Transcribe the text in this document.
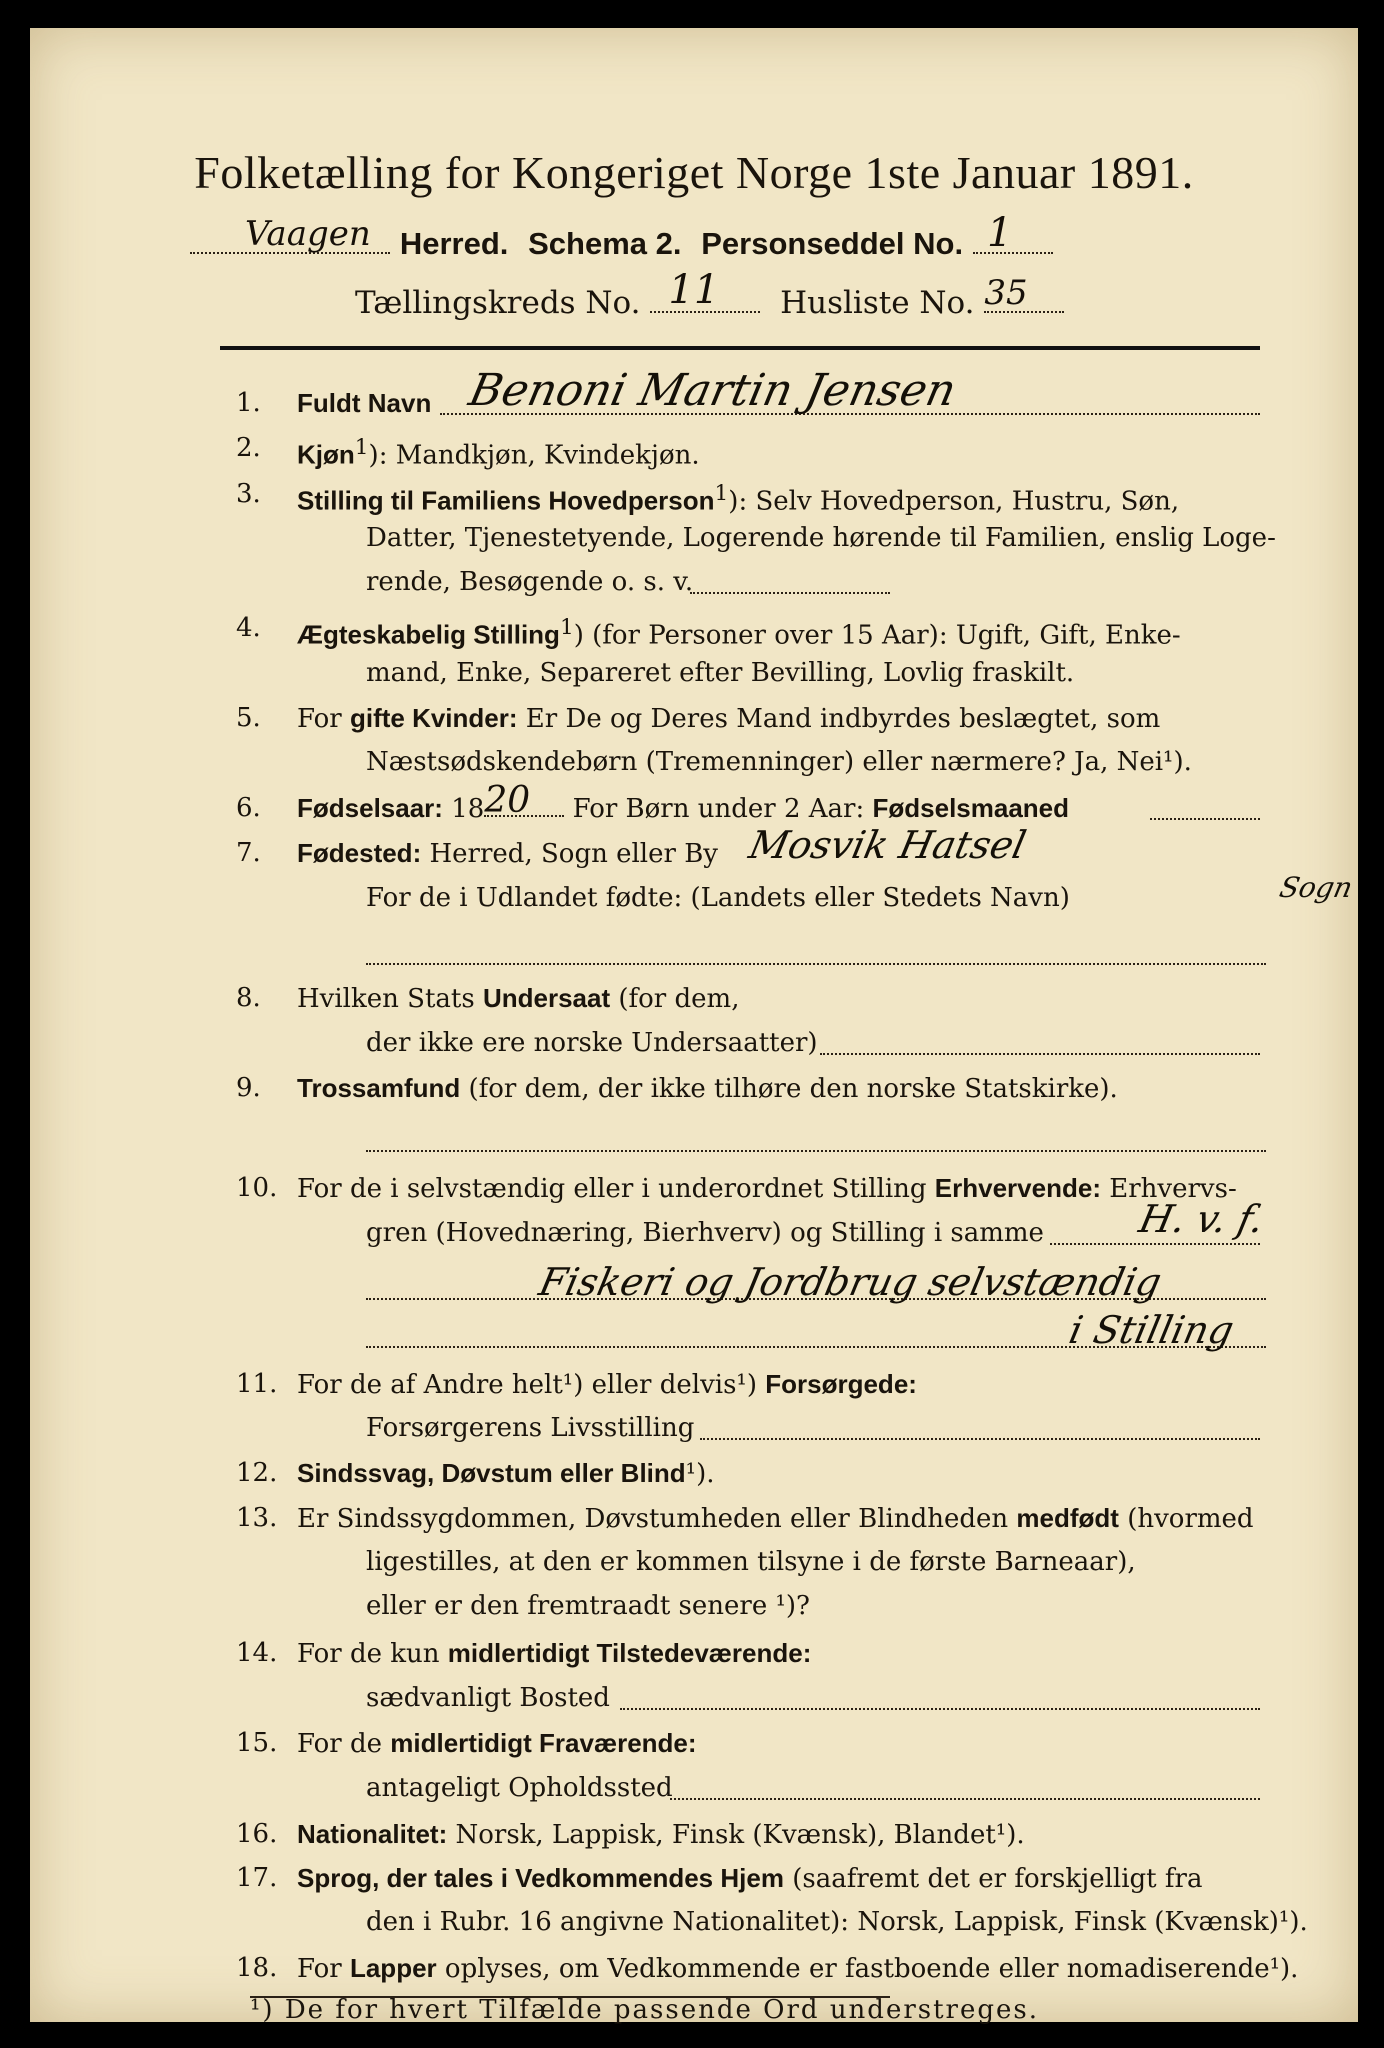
Folketælling for Kongeriget Norge 1ste Januar 1891.
Vaagen Herred. Schema 2. Personseddel No. 1
Tællingskreds No. 11 Husliste No. 35
1.	Fuldt Navn Benoni Martin Jensen
2.	Kjøn$^1$): Mandkjøn, Kvindekjøn.
3.	Stilling til Familiens Hovedperson$^1$): Selv Hovedperson, Hustru, Søn,
Datter, Tjenestetyende, Logerende hørende til Familien, enslig Loge-
rende, Besøgende o. s. v.
4.	Ægteskabelig Stilling$^1$) (for Personer over 15 Aar): Ugift, Gift, Enke-
mand, Enke, Separeret efter Bevilling, Lovlig fraskilt.
5.	For gifte Kvinder: Er De og Deres Mand indbyrdes beslægtet, som
Næstsødskendebørn (Tremenninger) eller nærmere? Ja, Nei¹).
6.	Fødselsaar: 18 20 For Børn under 2 Aar: Fødselsmaaned
7.	Fødested: Herred, Sogn eller By Mosvik Hatsel
For de i Udlandet fødte: (Landets eller Stedets Navn)	Sogn
8.	Hvilken Stats Undersaat (for dem,
der ikke ere norske Undersaatter)
9.	Trossamfund (for dem, der ikke tilhøre den norske Statskirke).
10. For de i selvstændig eller i underordnet Stilling Erhvervende: Erhvervs-
gren (Hovednæring, Bierhverv) og Stilling i samme H. v. f.
Fiskeri og Jordbrug selvstændig
i Stilling
11. For de af Andre helt¹) eller delvis¹) Forsørgede:
Forsørgerens Livsstilling
12. Sindssvag, Døvstum eller Blind¹).
13. Er Sindssygdommen, Døvstumheden eller Blindheden medfødt (hvormed
ligestilles, at den er kommen tilsyne i de første Barneaar),
eller er den fremtraadt senere ¹)?
14. For de kun midlertidigt Tilstedeværende:
sædvanligt Bosted
15. For de midlertidigt Fraværende:
antageligt Opholdssted
16. Nationalitet: Norsk, Lappisk, Finsk (Kvænsk), Blandet¹).
17. Sprog, der tales i Vedkommendes Hjem (saafremt det er forskjelligt fra
den i Rubr. 16 angivne Nationalitet): Norsk, Lappisk, Finsk (Kvænsk)¹).
18. For Lapper oplyses, om Vedkommende er fastboende eller nomadiserende¹).
¹) De for hvert Tilfælde passende Ord understreges.
